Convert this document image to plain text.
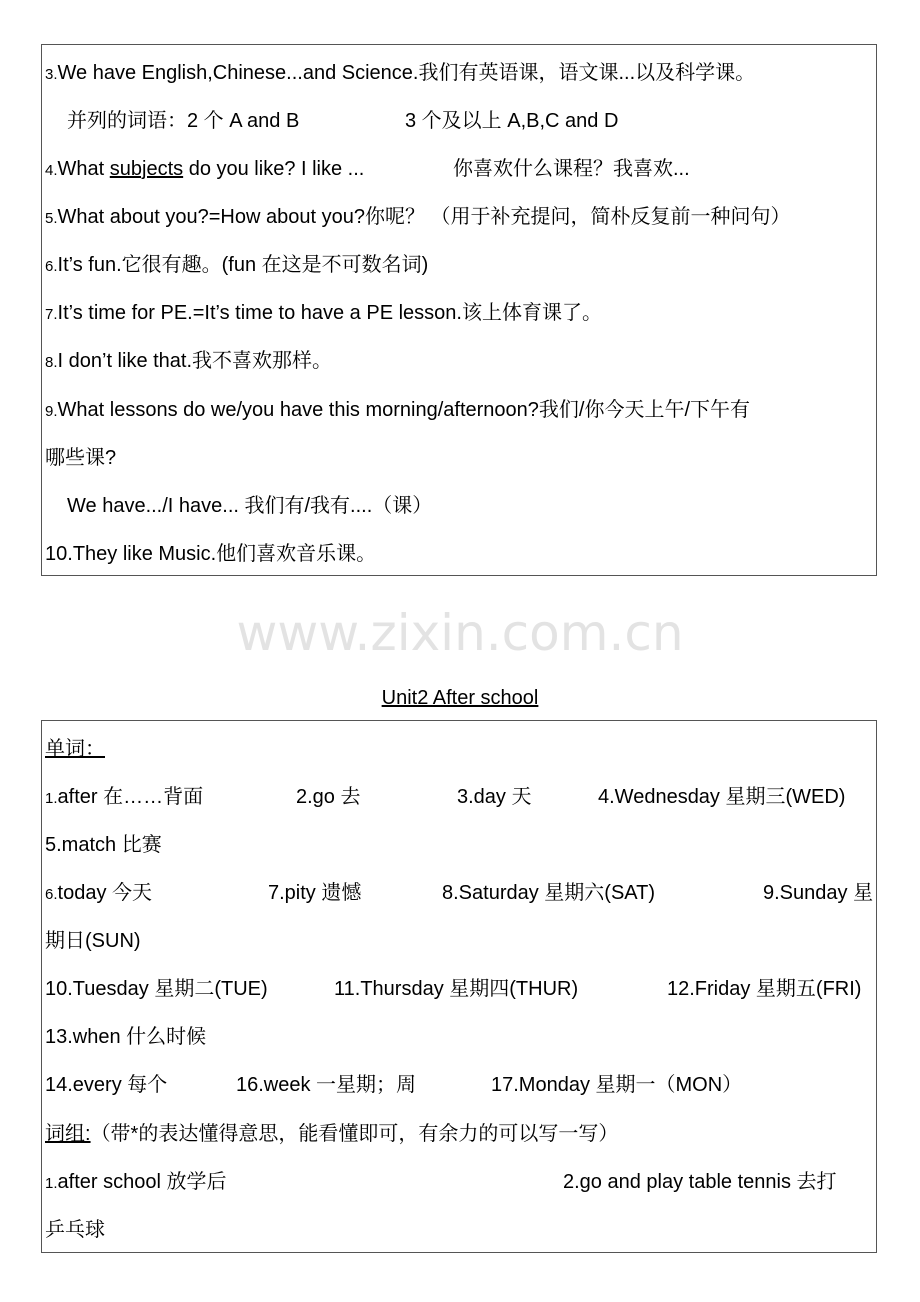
3.We have English,Chinese...and Science.我们有英语课，语文课...以及科学课。
并列的词语：2 个 A and B	3 个及以上 A,B,C and D
4.What subjects do you like? I like ...	你喜欢什么课程？我喜欢...
5.What about you?=How about you?你呢？ （用于补充提问，简朴反复前一种问句）
6.It’s fun.它很有趣。(fun 在这是不可数名词)
7.It’s time for PE.=It’s time to have a PE lesson.该上体育课了。
8.I don’t like that.我不喜欢那样。
9.What lessons do we/you have this morning/afternoon?我们/你今天上午/下午有
哪些课?
We have.../I have... 我们有/我有....（课）
10.They like Music.他们喜欢音乐课。
www.zixin.com.cn
Unit2 After school
单词：
1.after 在……背面	2.go 去	3.day 天	4.Wednesday 星期三(WED)
5.match 比赛
6.today 今天	7.pity 遗憾	8.Saturday 星期六(SAT)	9.Sunday 星
期日(SUN)
10.Tuesday 星期二(TUE)	11.Thursday 星期四(THUR)	12.Friday 星期五(FRI)
13.when 什么时候
14.every 每个	16.week 一星期；周	17.Monday 星期一（MON）
词组:（带*的表达懂得意思，能看懂即可，有余力的可以写一写）
1.after school 放学后	2.go and play table tennis 去打
乒乓球
